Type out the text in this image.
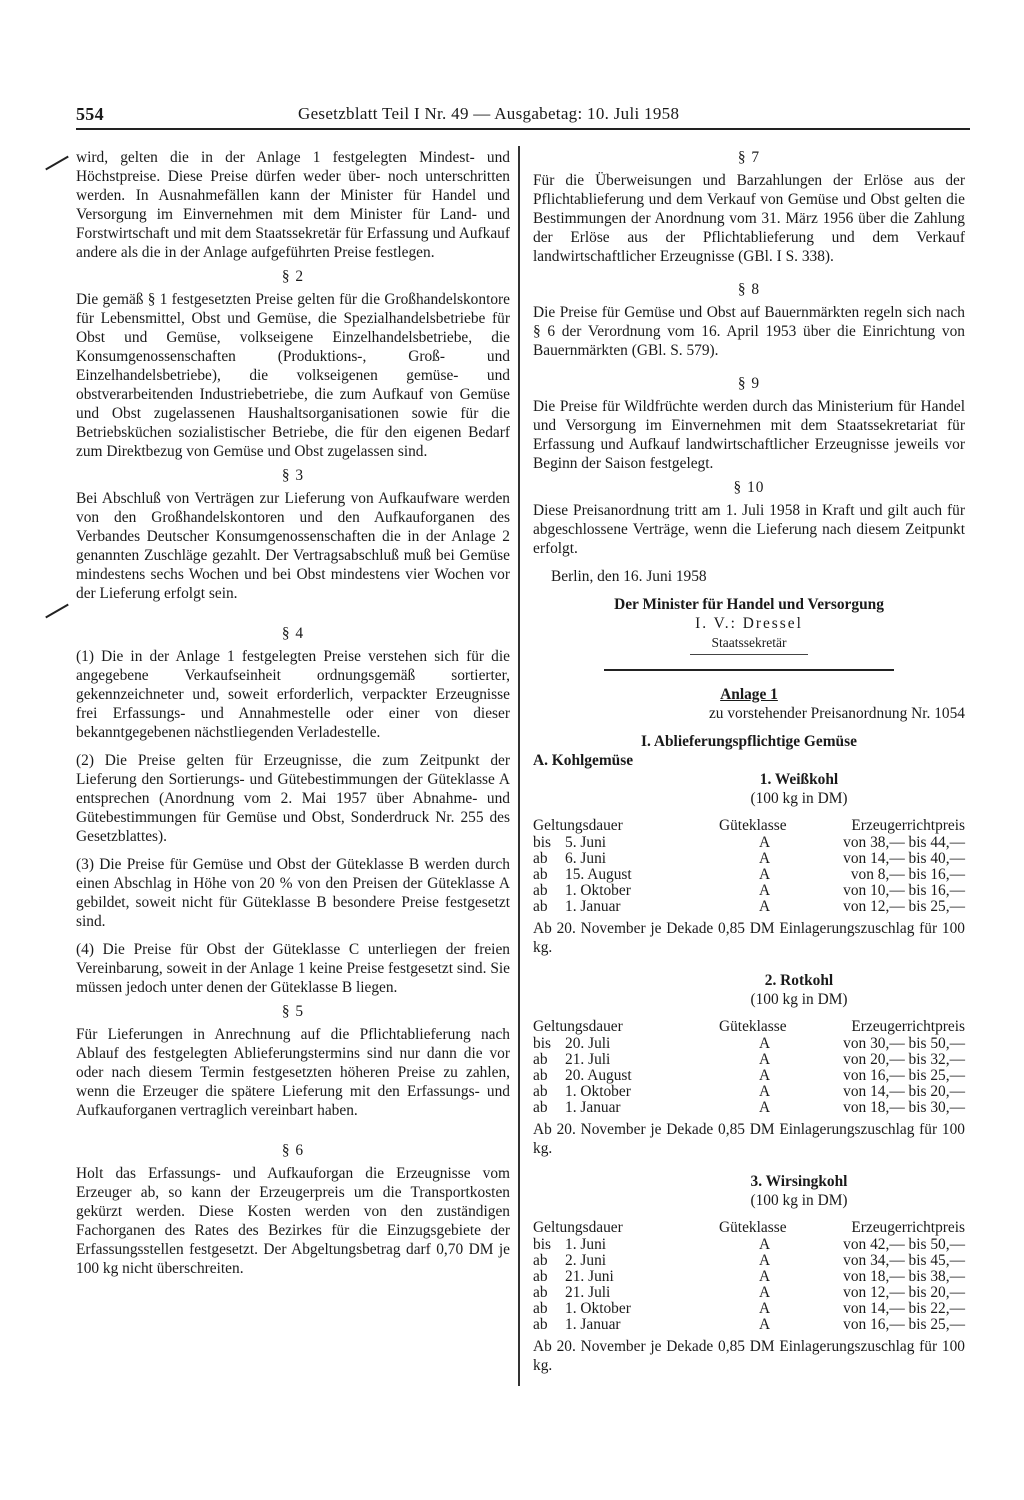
554	Gesetzblatt Teil I Nr. 49 — Ausgabetag: 10. Juli 1958

wird, gelten die in der Anlage 1 festgelegten Mindest- und Höchstpreise. Diese Preise dürfen weder über- noch unterschritten werden. In Ausnahmefällen kann der Minister für Handel und Versorgung im Einvernehmen mit dem Minister für Land- und Forstwirtschaft und mit dem Staatssekretär für Erfassung und Aufkauf andere als die in der Anlage aufgeführten Preise festlegen.

§ 2

Die gemäß § 1 festgesetzten Preise gelten für die Großhandelskontore für Lebensmittel, Obst und Gemüse, die Spezialhandelsbetriebe für Obst und Gemüse, volkseigene Einzelhandelsbetriebe, die Konsumgenossenschaften (Produktions-, Groß- und Einzelhandelsbetriebe), die volkseigenen gemüse- und obstverarbeitenden Industriebetriebe, die zum Aufkauf von Gemüse und Obst zugelassenen Haushaltsorganisationen sowie für die Betriebsküchen sozialistischer Betriebe, die für den eigenen Bedarf zum Direktbezug von Gemüse und Obst zugelassen sind.

§ 3

Bei Abschluß von Verträgen zur Lieferung von Aufkaufware werden von den Großhandelskontoren und den Aufkauforganen des Verbandes Deutscher Konsumgenossenschaften die in der Anlage 2 genannten Zuschläge gezahlt. Der Vertragsabschluß muß bei Gemüse mindestens sechs Wochen und bei Obst mindestens vier Wochen vor der Lieferung erfolgt sein.

§ 4

(1) Die in der Anlage 1 festgelegten Preise verstehen sich für die angegebene Verkaufseinheit ordnungsgemäß sortierter, gekennzeichneter und, soweit erforderlich, verpackter Erzeugnisse frei Erfassungs- und Annahmestelle oder einer von dieser bekanntgegebenen nächstliegenden Verladestelle.

(2) Die Preise gelten für Erzeugnisse, die zum Zeitpunkt der Lieferung den Sortierungs- und Gütebestimmungen der Güteklasse A entsprechen (Anordnung vom 2. Mai 1957 über Abnahme- und Gütebestimmungen für Gemüse und Obst, Sonderdruck Nr. 255 des Gesetzblattes).

(3) Die Preise für Gemüse und Obst der Güteklasse B werden durch einen Abschlag in Höhe von 20 % von den Preisen der Güteklasse A gebildet, soweit nicht für Güteklasse B besondere Preise festgesetzt sind.

(4) Die Preise für Obst der Güteklasse C unterliegen der freien Vereinbarung, soweit in der Anlage 1 keine Preise festgesetzt sind. Sie müssen jedoch unter denen der Güteklasse B liegen.

§ 5

Für Lieferungen in Anrechnung auf die Pflichtablieferung nach Ablauf des festgelegten Ablieferungstermins sind nur dann die vor oder nach diesem Termin festgesetzten höheren Preise zu zahlen, wenn die Erzeuger die spätere Lieferung mit den Erfassungs- und Aufkauforganen vertraglich vereinbart haben.

§ 6

Holt das Erfassungs- und Aufkauforgan die Erzeugnisse vom Erzeuger ab, so kann der Erzeugerpreis um die Transportkosten gekürzt werden. Diese Kosten werden von den zuständigen Fachorganen des Rates des Bezirkes für die Einzugsgebiete der Erfassungsstellen festgesetzt. Der Abgeltungsbetrag darf 0,70 DM je 100 kg nicht überschreiten.

§ 7

Für die Überweisungen und Barzahlungen der Erlöse aus der Pflichtablieferung und dem Verkauf von Gemüse und Obst gelten die Bestimmungen der Anordnung vom 31. März 1956 über die Zahlung der Erlöse aus der Pflichtablieferung und dem Verkauf landwirtschaftlicher Erzeugnisse (GBl. I S. 338).

§ 8

Die Preise für Gemüse und Obst auf Bauernmärkten regeln sich nach § 6 der Verordnung vom 16. April 1953 über die Einrichtung von Bauernmärkten (GBl. S. 579).

§ 9

Die Preise für Wildfrüchte werden durch das Ministerium für Handel und Versorgung im Einvernehmen mit dem Staatssekretariat für Erfassung und Aufkauf landwirtschaftlicher Erzeugnisse jeweils vor Beginn der Saison festgelegt.

§ 10

Diese Preisanordnung tritt am 1. Juli 1958 in Kraft und gilt auch für abgeschlossene Verträge, wenn die Lieferung nach diesem Zeitpunkt erfolgt.

Berlin, den 16. Juni 1958

Der Minister für Handel und Versorgung
I. V.: Dressel
Staatssekretär
Anlage 1
zu vorstehender Preisanordnung Nr. 1054
I. Ablieferungspflichtige Gemüse
A. Kohlgemüse
1. Weißkohl
(100 kg in DM)
Geltungsdauer	Güteklasse	Erzeugerrichtpreis
bis 5. Juni	A	von 38,— bis 44,—
ab	6. Juni	A	von 14,— bis 40,—
ab	15. August	A	von 8,— bis 16,—
ab	1. Oktober	A	von 10,— bis 16,—
ab	1. Januar	A	von 12,— bis 25,—
Ab 20. November je Dekade 0,85 DM Einlagerungszuschlag für 100 kg.
2. Rotkohl
(100 kg in DM)
Geltungsdauer	Güteklasse	Erzeugerrichtpreis
bis 20. Juli	A	von 30,— bis 50,—
ab	21. Juli	A	von 20,— bis 32,—
ab	20. August	A	von 16,— bis 25,—
ab	1. Oktober	A	von 14,— bis 20,—
ab	1. Januar	A	von 18,— bis 30,—
Ab 20. November je Dekade 0,85 DM Einlagerungszuschlag für 100 kg.
3. Wirsingkohl
(100 kg in DM)
Geltungsdauer	Güteklasse	Erzeugerrichtpreis
bis 1. Juni	A	von 42,— bis 50,—
ab	2. Juni	A	von 34,— bis 45,—
ab	21. Juni	A	von 18,— bis 38,—
ab	21. Juli	A	von 12,— bis 20,—
ab	1. Oktober	A	von 14,— bis 22,—
ab	1. Januar	A	von 16,— bis 25,—
Ab 20. November je Dekade 0,85 DM Einlagerungszuschlag für 100 kg.
